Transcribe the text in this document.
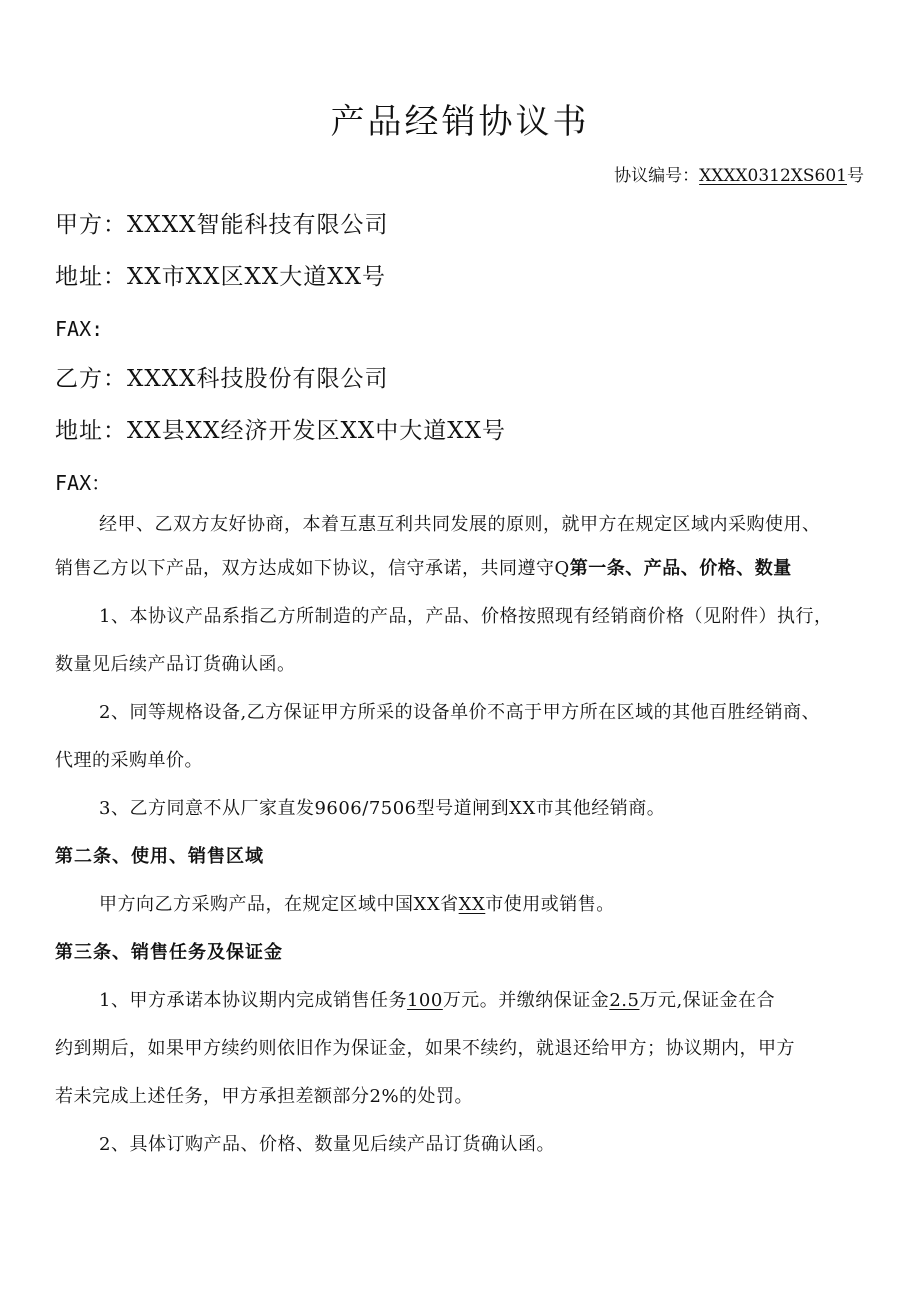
产品经销协议书
协议编号：XXXX0312XS601号
甲方：XXXX智能科技有限公司
地址：XX市XX区XX大道XX号
FAX:
乙方：XXXX科技股份有限公司
地址：XX县XX经济开发区XX中大道XX号
FAX：
经甲、乙双方友好协商，本着互惠互利共同发展的原则，就甲方在规定区域内采购使用、
销售乙方以下产品，双方达成如下协议，信守承诺，共同遵守Q第一条、产品、价格、数量
1、本协议产品系指乙方所制造的产品，产品、价格按照现有经销商价格（见附件）执行，
数量见后续产品订货确认函。
2、同等规格设备,乙方保证甲方所采的设备单价不高于甲方所在区域的其他百胜经销商、
代理的采购单价。
3、乙方同意不从厂家直发9606/7506型号道闸到XX市其他经销商。
第二条、使用、销售区域
甲方向乙方采购产品，在规定区域中国XX省XX市使用或销售。
第三条、销售任务及保证金
1、甲方承诺本协议期内完成销售任务100万元。并缴纳保证金2.5万元,保证金在合
约到期后，如果甲方续约则依旧作为保证金，如果不续约，就退还给甲方；协议期内，甲方
若未完成上述任务，甲方承担差额部分2%的处罚。
2、具体订购产品、价格、数量见后续产品订货确认函。
